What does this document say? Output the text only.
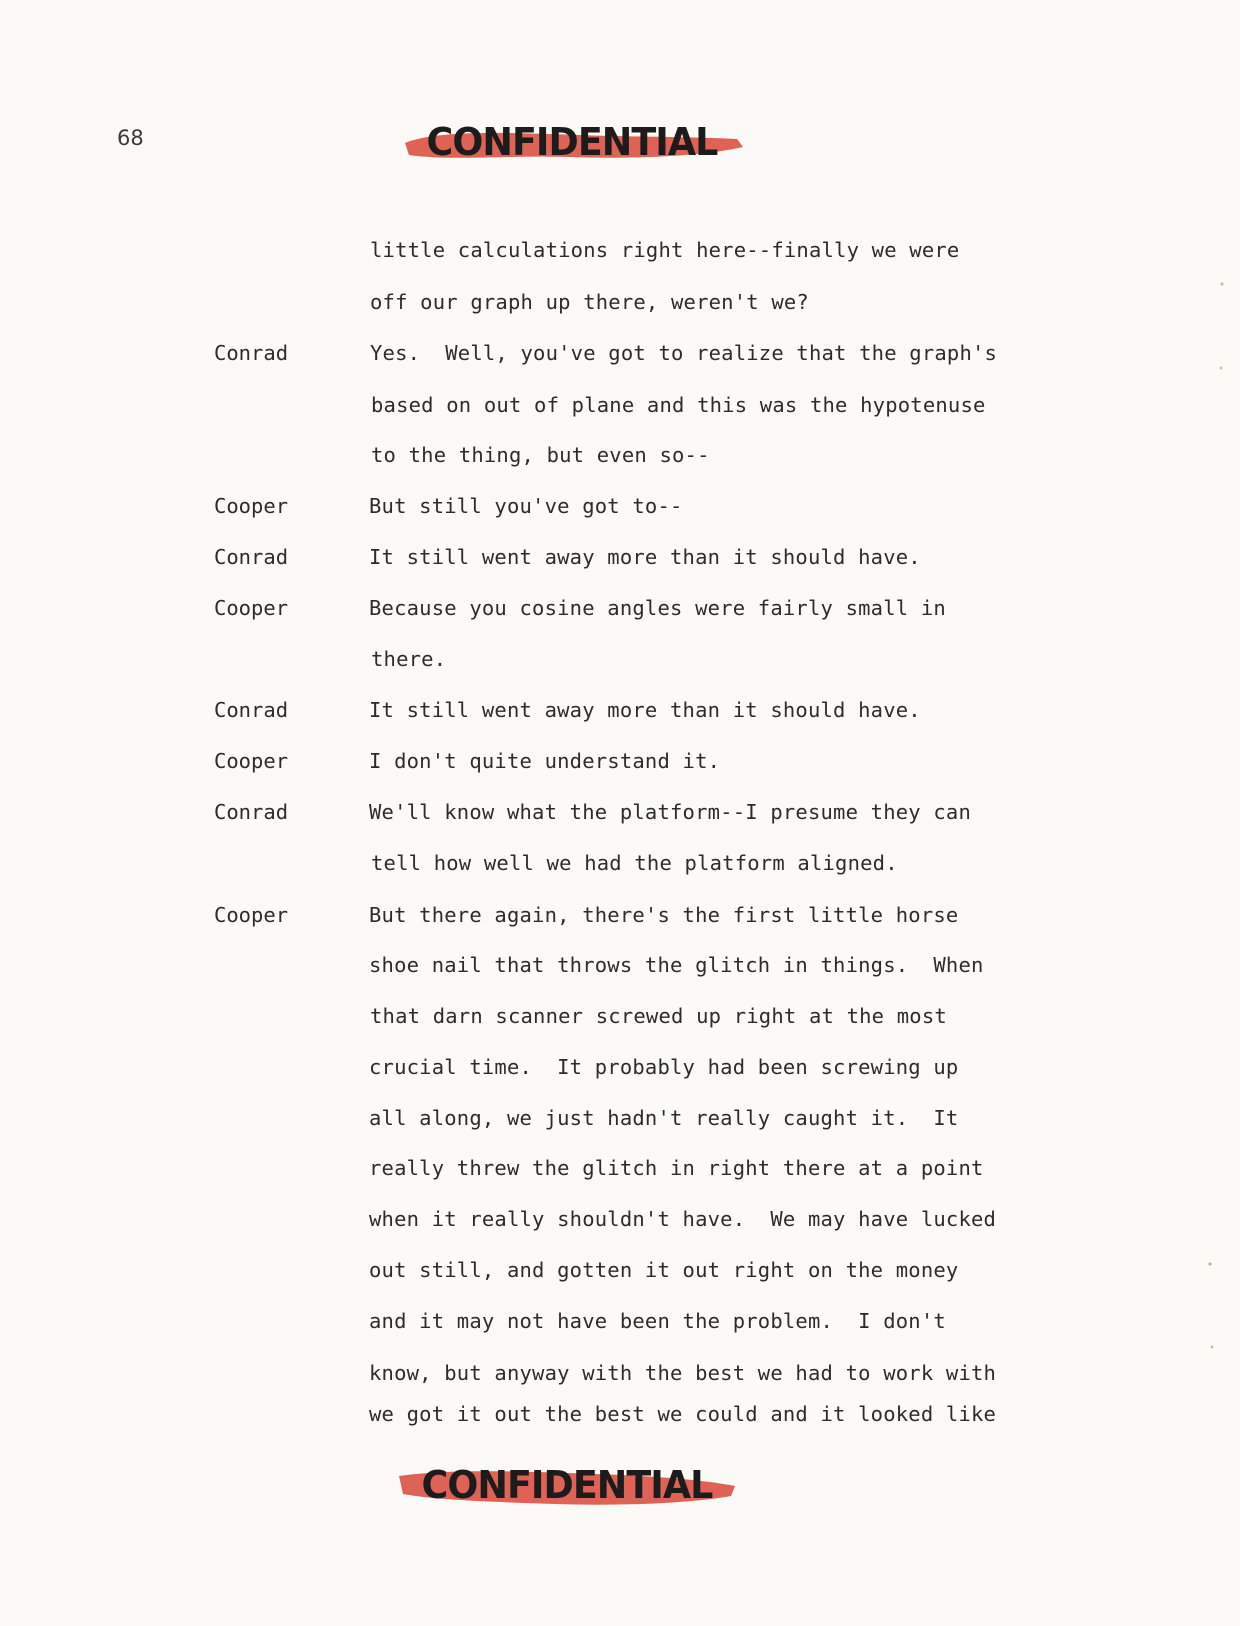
68	CONFIDENTIAL
CONFIDENTIAL
little calculations right here--finally we were
off our graph up there, weren't we?
Conrad	Yes.  Well, you've got to realize that the graph's
based on out of plane and this was the hypotenuse
to the thing, but even so--
Cooper	But still you've got to--
Conrad	It still went away more than it should have.
Cooper	Because you cosine angles were fairly small in
there.
Conrad	It still went away more than it should have.
Cooper	I don't quite understand it.
Conrad	We'll know what the platform--I presume they can
tell how well we had the platform aligned.
Cooper	But there again, there's the first little horse
shoe nail that throws the glitch in things.  When
that darn scanner screwed up right at the most
crucial time.  It probably had been screwing up
all along, we just hadn't really caught it.  It
really threw the glitch in right there at a point
when it really shouldn't have.  We may have lucked
out still, and gotten it out right on the money
and it may not have been the problem.  I don't
know, but anyway with the best we had to work with
we got it out the best we could and it looked like
